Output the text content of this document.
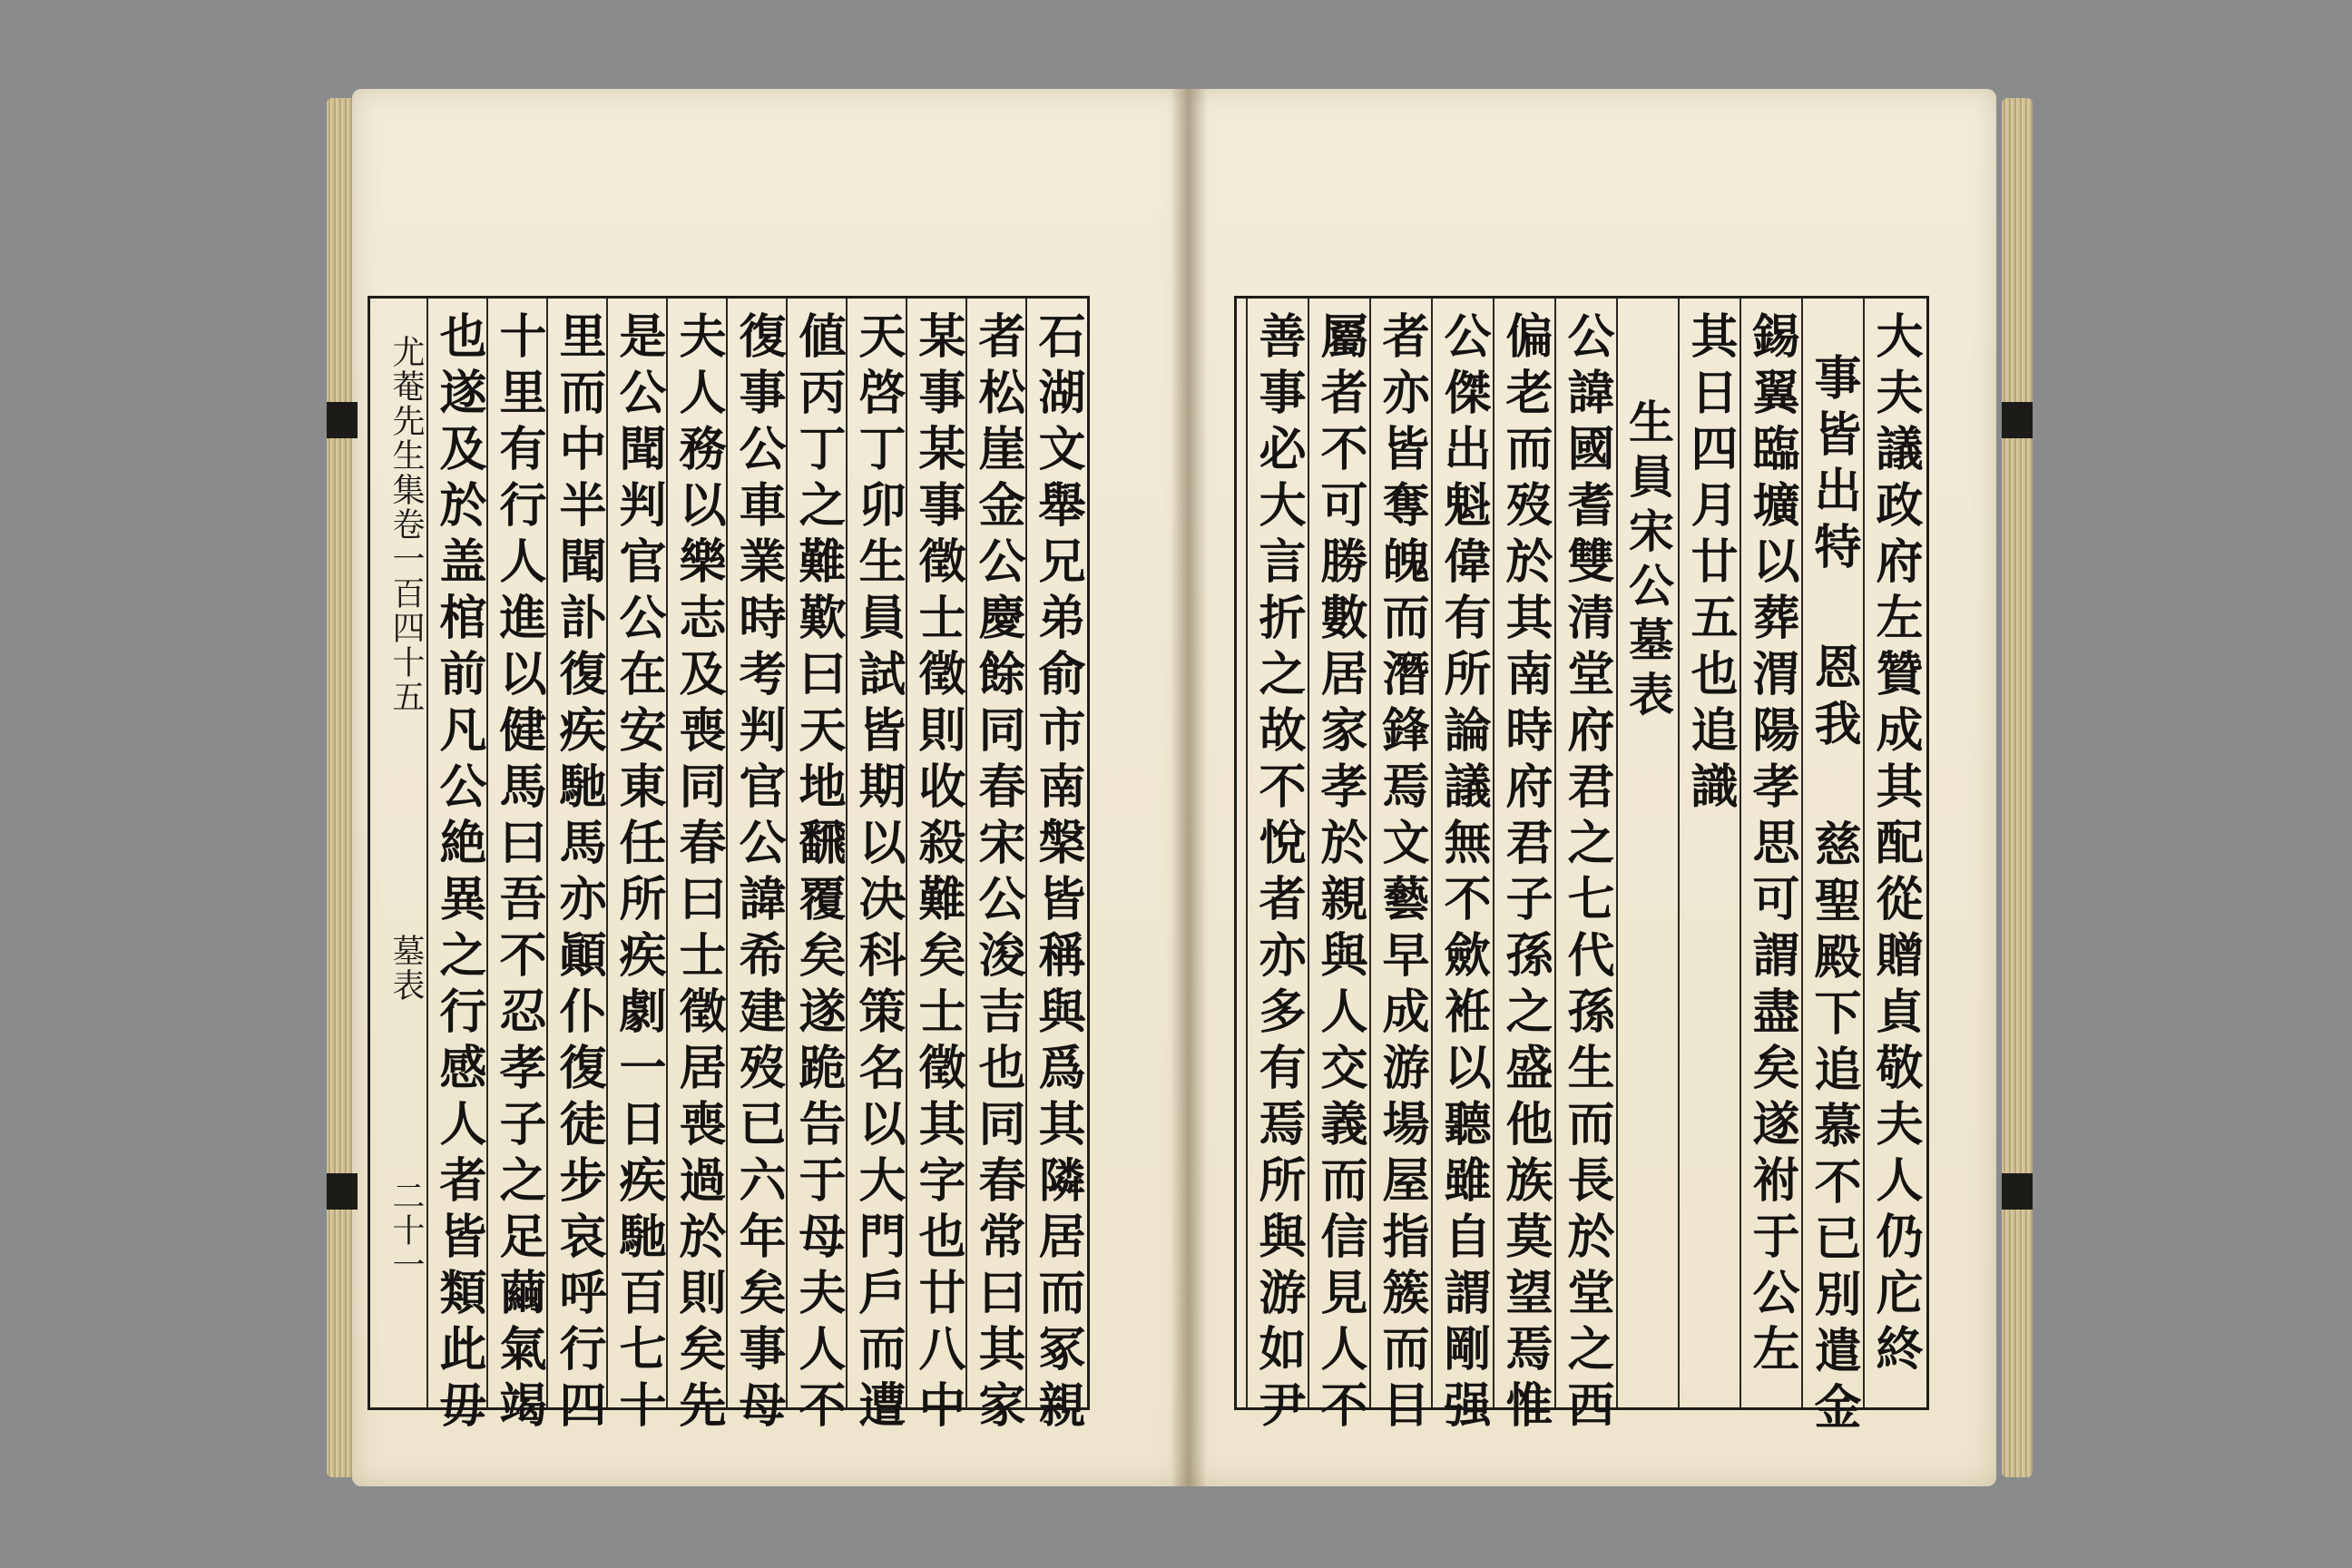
尤菴先生集卷一百四十五
墓表
二十一	石湖文舉兄弟俞市南槃皆稱與爲其隣居而冢親
者松崖金公慶餘同春宋公浚吉也同春常曰其家
某事某事徵士徵則收殺難矣士徵其字也廿八中
天啓丁卯生員試皆期以决科策名以大門戶而遭
値丙丁之難歎曰天地飜覆矣遂跪告于母夫人不
復事公車業時考判官公諱希建歿已六年矣事母
夫人務以樂志及喪同春曰士徵居喪過於則矣先
是公聞判官公在安東任所疾劇一日疾馳百七十
里而中半聞訃復疾馳馬亦顚仆復徒步哀呼行四
十里有行人進以健馬曰吾不忍孝子之足繭氣竭
也遂及於盖棺前凡公絶異之行感人者皆類此毋	大夫議政府左贊成其配從贈貞敬夫人仍庀終
事皆出特 恩我 慈聖殿下追慕不已別遣金
錫翼臨壙以葬渭陽孝思可謂盡矣遂祔于公左
其日四月廿五也追識
生員宋公墓表
公諱國耆雙清堂府君之七代孫生而長於堂之西
偏老而歿於其南時府君子孫之盛他族莫望焉惟
公傑出魁偉有所論議無不歛袵以聽雖自謂剛强
者亦皆奪魄而潛鋒焉文藝早成游場屋指簇而目
屬者不可勝數居家孝於親與人交義而信見人不
善事必大言折之故不悅者亦多有焉所與游如尹
